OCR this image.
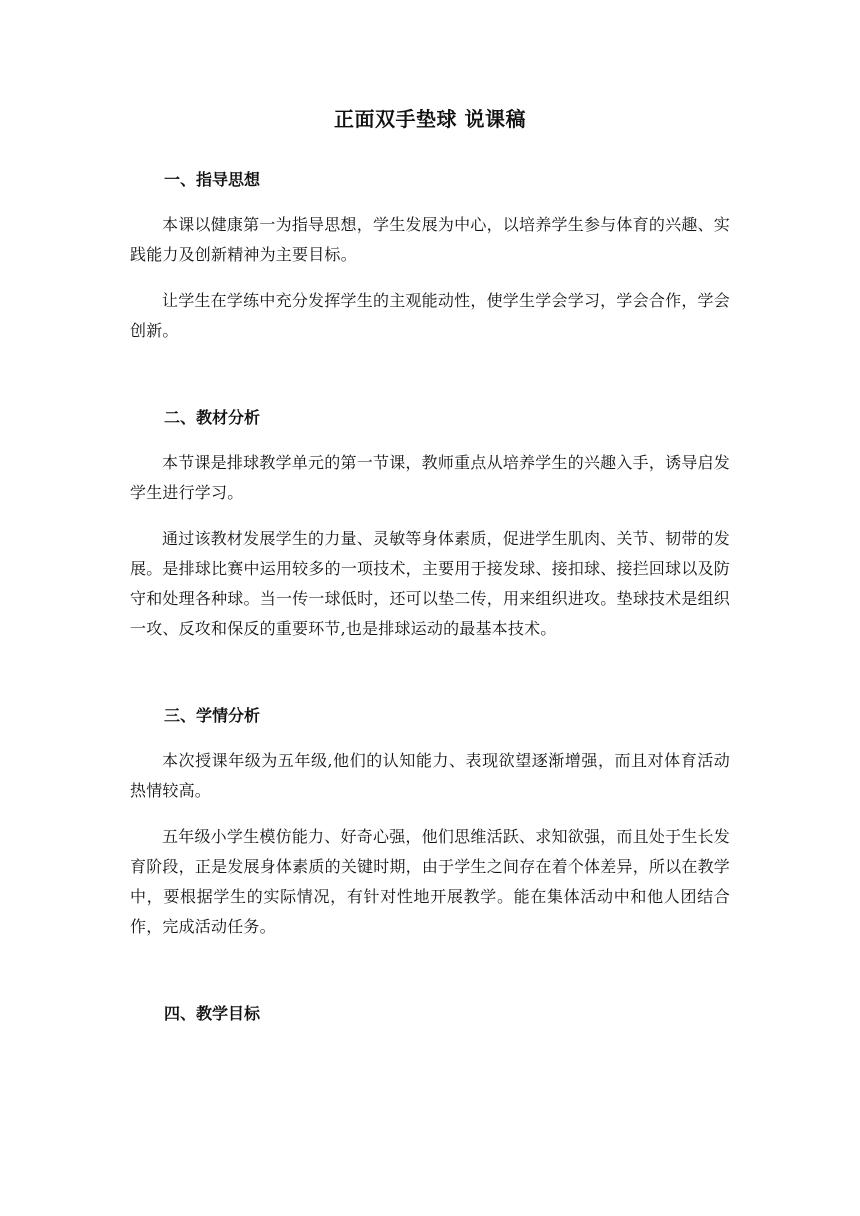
正面双手垫球 说课稿
一、指导思想

本课以健康第一为指导思想，学生发展为中心，以培养学生参与体育的兴趣、实践能力及创新精神为主要目标。

让学生在学练中充分发挥学生的主观能动性，使学生学会学习，学会合作，学会创新。

二、教材分析

本节课是排球教学单元的第一节课，教师重点从培养学生的兴趣入手，诱导启发学生进行学习。

通过该教材发展学生的力量、灵敏等身体素质，促进学生肌肉、关节、韧带的发展。是排球比赛中运用较多的一项技术，主要用于接发球、接扣球、接拦回球以及防守和处理各种球。当一传一球低时，还可以垫二传，用来组织进攻。垫球技术是组织一攻、反攻和保反的重要环节,也是排球运动的最基本技术。

三、学情分析

本次授课年级为五年级,他们的认知能力、表现欲望逐渐增强，而且对体育活动热情较高。

五年级小学生模仿能力、好奇心强，他们思维活跃、求知欲强，而且处于生长发育阶段，正是发展身体素质的关键时期，由于学生之间存在着个体差异，所以在教学中，要根据学生的实际情况，有针对性地开展教学。能在集体活动中和他人团结合作，完成活动任务。

四、教学目标
